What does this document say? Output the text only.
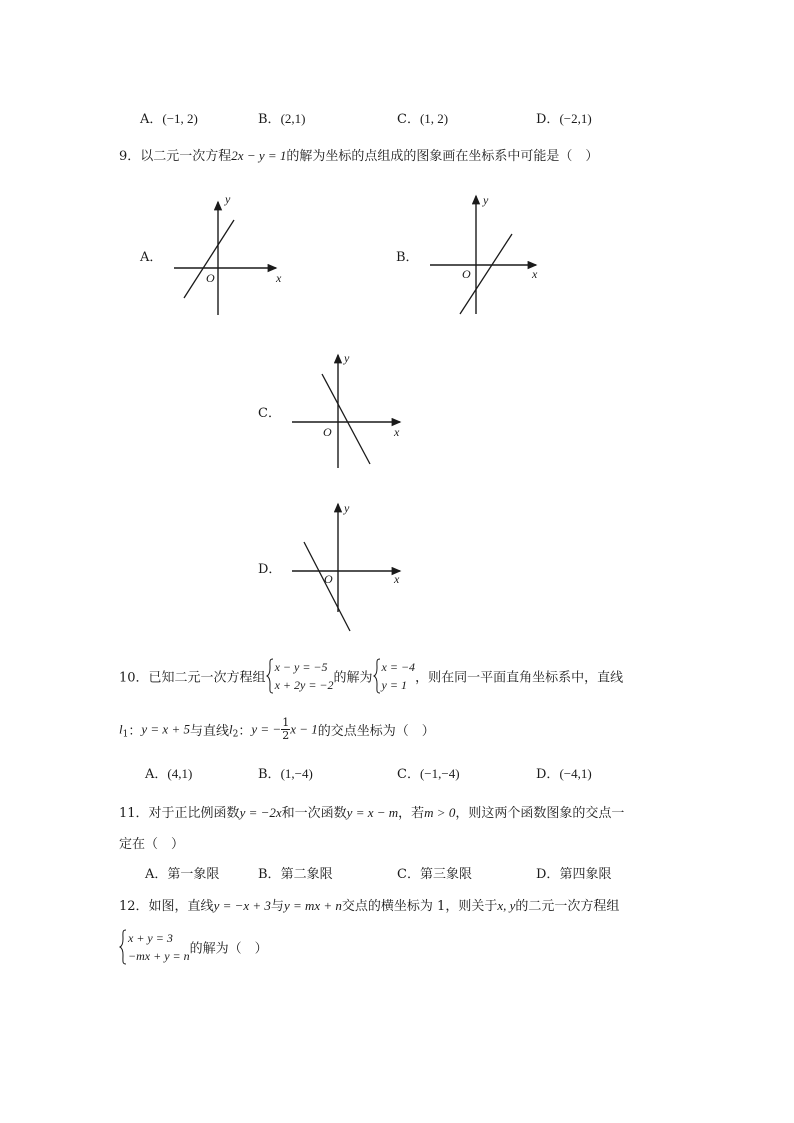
A．(−1, 2)	B．(2,1)	C．(1, 2)	D．(−2,1)
9．以二元一次方程2x − y = 1的解为坐标的点组成的图象画在坐标系中可能是（　）
A．
y
x
O
B．
y
x
O
C．
y
x
O
D．
y
x
O
10．已知二元一次方程组
x − y = −5
x + 2y = −2 的解为
x = −4
y = 1 ，则在同一平面直角坐标系中，直线
$l_1$：y = x + 5与直线$l_2$：y = − $\frac{1}{2}$ x − 1的交点坐标为（　）
A．(4,1)	B．(1,−4)	C．(−1,−4)	D．(−4,1)
11．对于正比例函数y = −2x和一次函数y = x − m，若m > 0，则这两个函数图象的交点一
定在（　）
A．第一象限	B．第二象限	C．第三象限	D．第四象限
12．如图，直线y = −x + 3与y = mx + n交点的横坐标为 1，则关于x, y的二元一次方程组
x + y = 3
−mx + y = n 的解为（　）
